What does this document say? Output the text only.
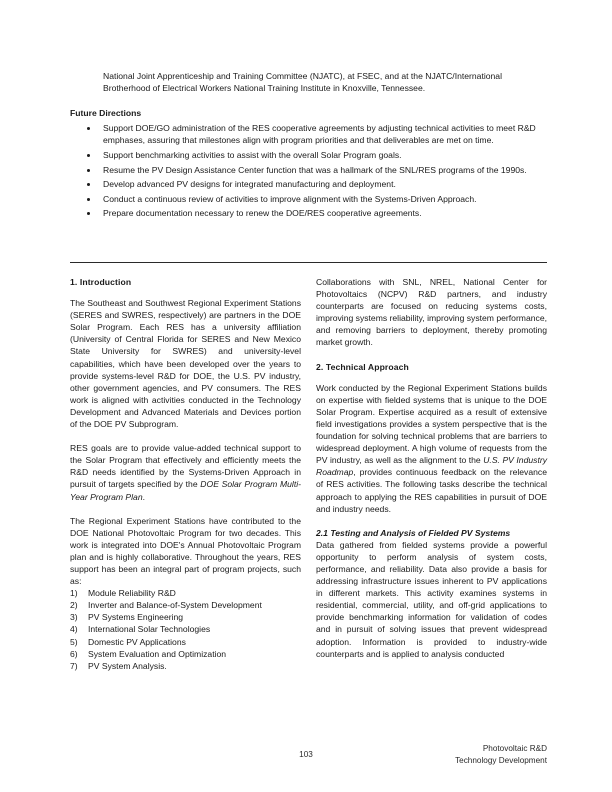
National Joint Apprenticeship and Training Committee (NJATC), at FSEC, and at the NJATC/International Brotherhood of Electrical Workers National Training Institute in Knoxville, Tennessee.

Future Directions
Support DOE/GO administration of the RES cooperative agreements by adjusting technical activities to meet R&D emphases, assuring that milestones align with program priorities and that deliverables are met on time.
Support benchmarking activities to assist with the overall Solar Program goals.
Resume the PV Design Assistance Center function that was a hallmark of the SNL/RES programs of the 1990s.
Develop advanced PV designs for integrated manufacturing and deployment.
Conduct a continuous review of activities to improve alignment with the Systems-Driven Approach.
Prepare documentation necessary to renew the DOE/RES cooperative agreements.
1. Introduction

The Southeast and Southwest Regional Experiment Stations (SERES and SWRES, respectively) are partners in the DOE Solar Program. Each RES has a university affiliation (University of Central Florida for SERES and New Mexico State University for SWRES) and university-level capabilities, which have been developed over the years to provide systems-level R&D for DOE, the U.S. PV industry, other government agencies, and PV consumers. The RES work is aligned with activities conducted in the Technology Development and Advanced Materials and Devices portion of the DOE PV Subprogram.

RES goals are to provide value-added technical support to the Solar Program that effectively and efficiently meets the R&D needs identified by the Systems-Driven Approach in pursuit of targets specified by the DOE Solar Program Multi-Year Program Plan.

The Regional Experiment Stations have contributed to the DOE National Photovoltaic Program for two decades. This work is integrated into DOE's Annual Photovoltaic Program plan and is highly collaborative. Throughout the years, RES support has been an integral part of program projects, such as:

1) Module Reliability R&D
2) Inverter and Balance-of-System Development
3) PV Systems Engineering
4) International Solar Technologies
5) Domestic PV Applications
6) System Evaluation and Optimization
7) PV System Analysis.

Collaborations with SNL, NREL, National Center for Photovoltaics (NCPV) R&D partners, and industry counterparts are focused on reducing systems costs, improving systems reliability, improving system performance, and removing barriers to deployment, thereby promoting market growth.

2. Technical Approach

Work conducted by the Regional Experiment Stations builds on expertise with fielded systems that is unique to the DOE Solar Program. Expertise acquired as a result of extensive field investigations provides a system perspective that is the foundation for solving technical problems that are barriers to widespread deployment. A high volume of requests from the PV industry, as well as the alignment to the U.S. PV Industry Roadmap, provides continuous feedback on the relevance of RES activities. The following tasks describe the technical approach to applying the RES capabilities in pursuit of DOE and industry needs.

2.1 Testing and Analysis of Fielded PV Systems

Data gathered from fielded systems provide a powerful opportunity to perform analysis of system costs, performance, and reliability. Data also provide a basis for addressing infrastructure issues inherent to PV applications in different markets. This activity examines systems in residential, commercial, utility, and off-grid applications to provide benchmarking information for validation of codes and in pursuit of solving issues that prevent widespread adoption. Information is provided to industry-wide counterparts and is applied to analysis conducted

103
Photovoltaic R&D
Technology Development
